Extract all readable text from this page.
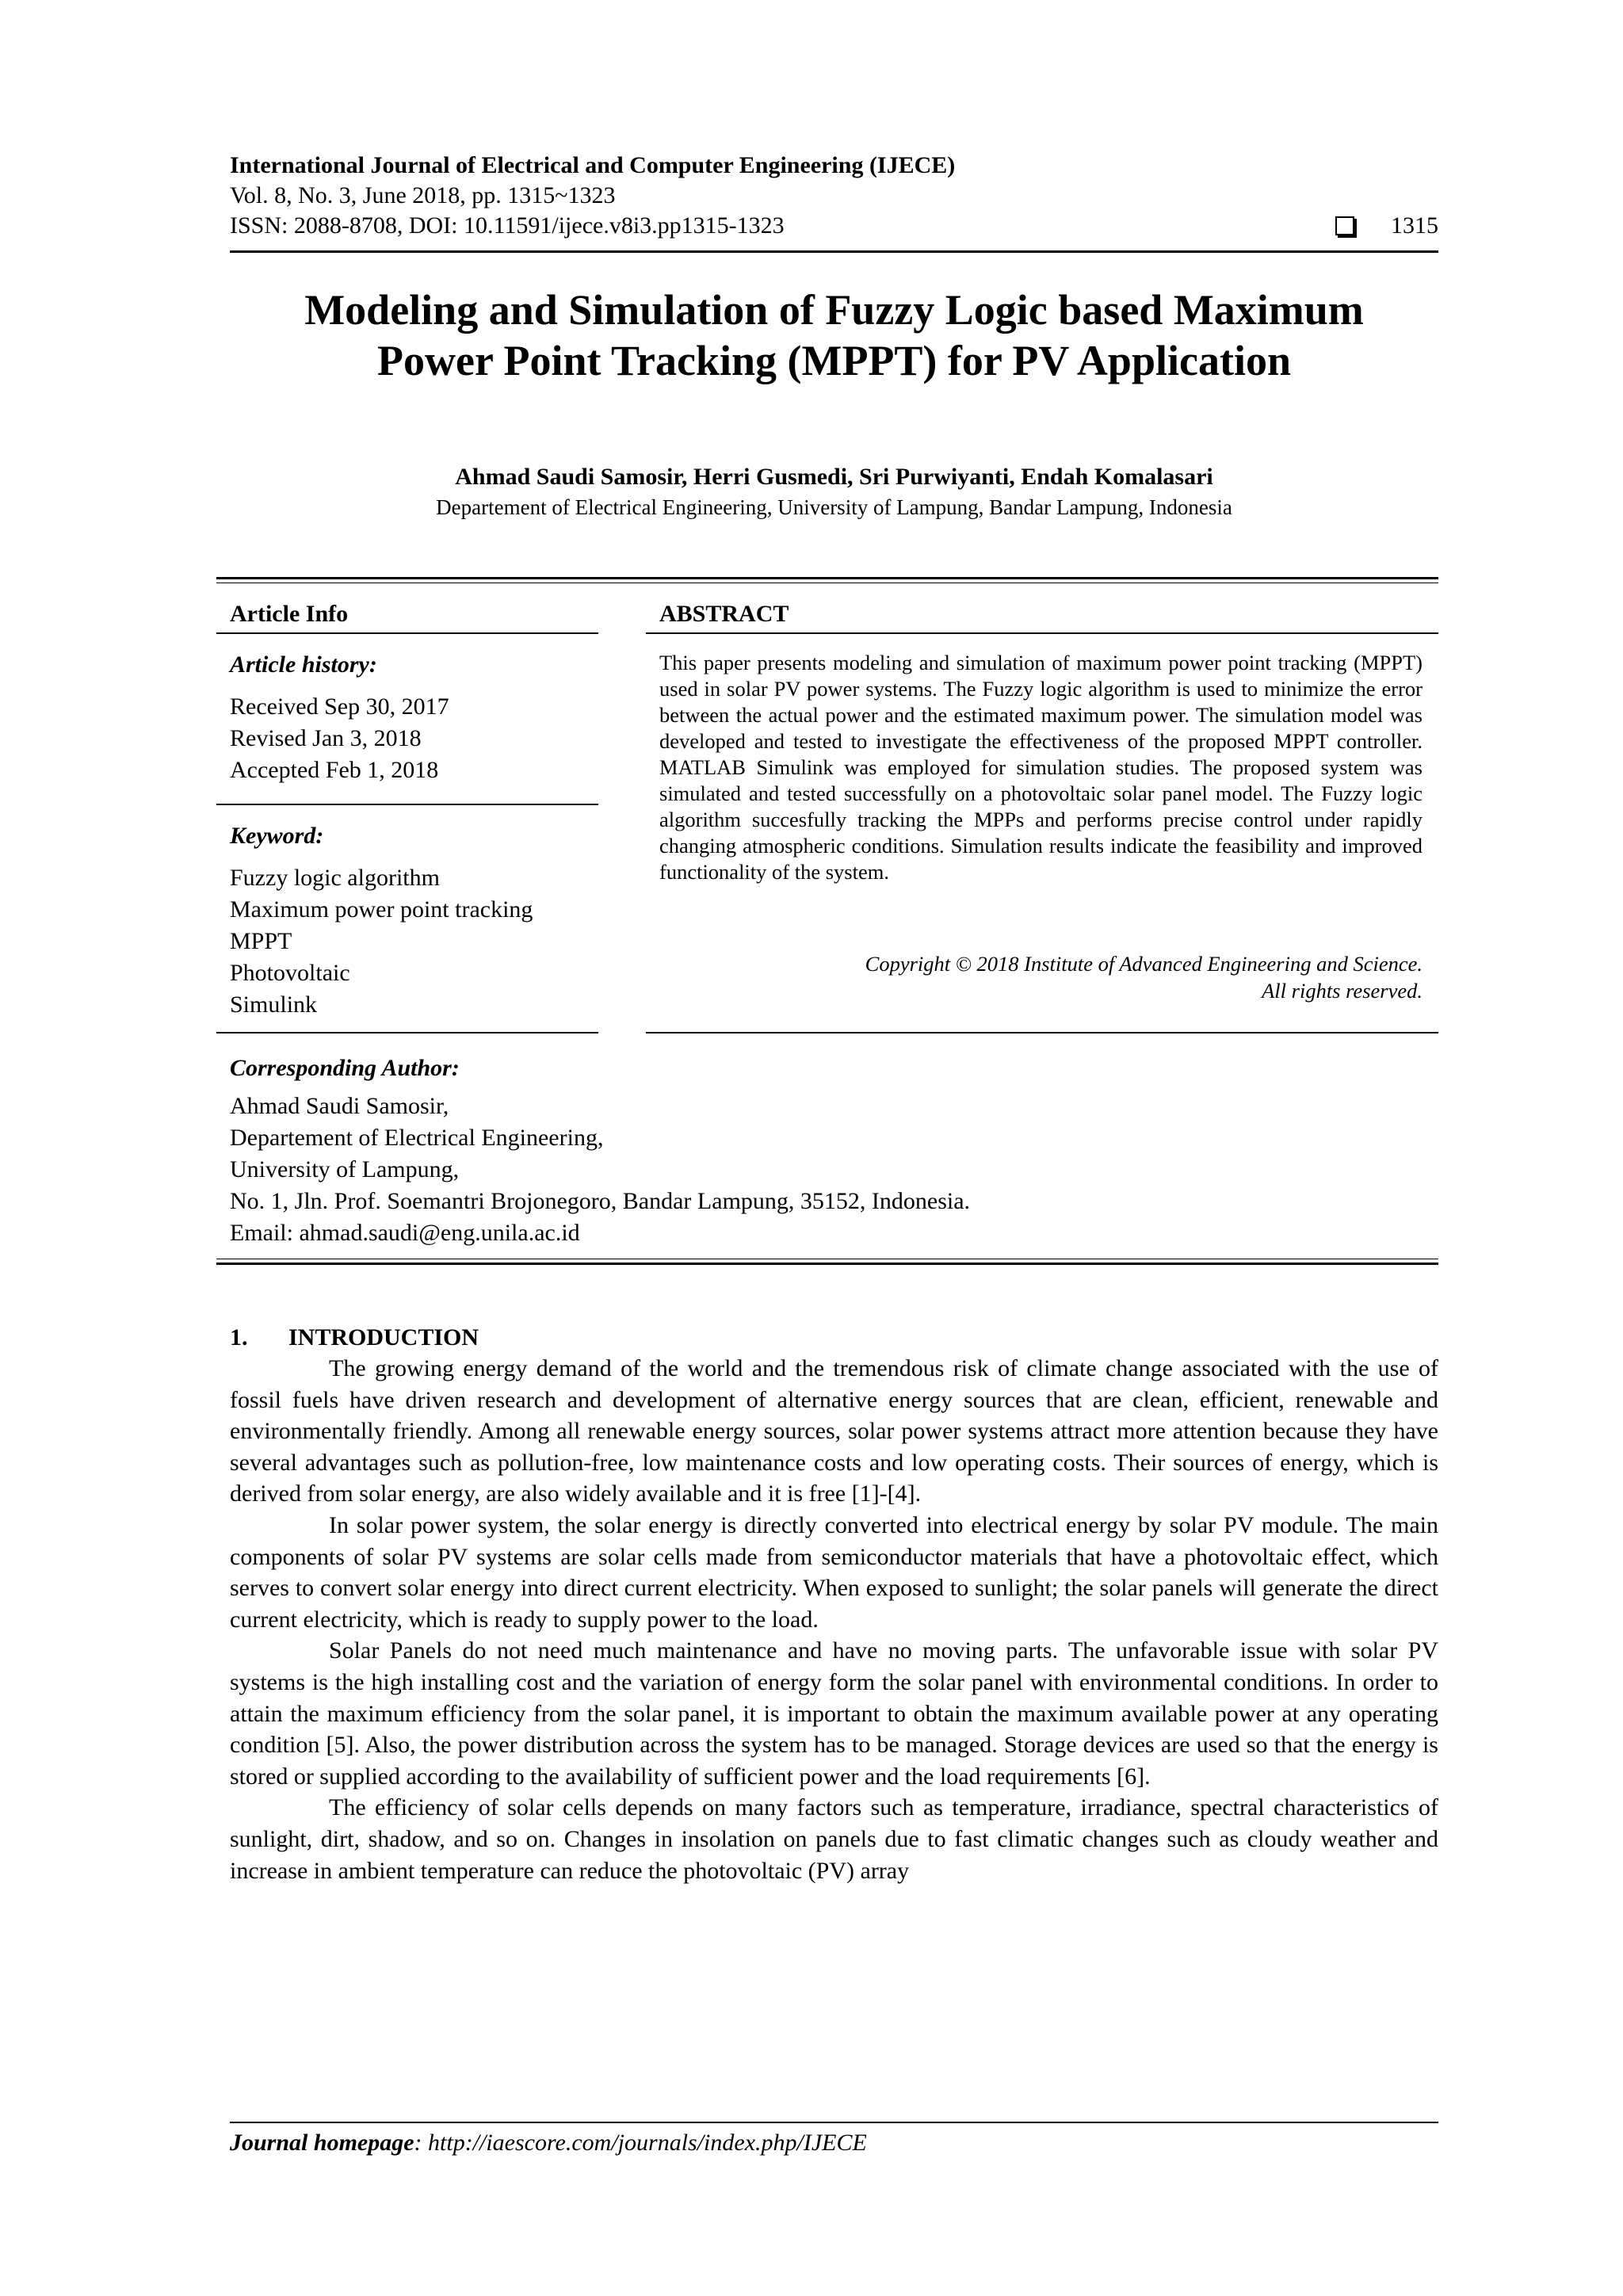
International Journal of Electrical and Computer Engineering (IJECE)
Vol. 8, No. 3, June 2018, pp. 1315~1323
ISSN: 2088-8708, DOI: 10.11591/ijece.v8i3.pp1315-1323	1315
Modeling and Simulation of Fuzzy Logic based Maximum
Power Point Tracking (MPPT) for PV Application
Ahmad Saudi Samosir, Herri Gusmedi, Sri Purwiyanti, Endah Komalasari
Departement of Electrical Engineering, University of Lampung, Bandar Lampung, Indonesia
Article Info
Article history:
Received Sep 30, 2017
Revised Jan 3, 2018
Accepted Feb 1, 2018
Keyword:
Fuzzy logic algorithm
Maximum power point tracking
MPPT
Photovoltaic
Simulink
ABSTRACT
This paper presents modeling and simulation of maximum power point tracking (MPPT) used in solar PV power systems. The Fuzzy logic algorithm is used to minimize the error between the actual power and the estimated maximum power. The simulation model was developed and tested to investigate the effectiveness of the proposed MPPT controller. MATLAB Simulink was employed for simulation studies. The proposed system was simulated and tested successfully on a photovoltaic solar panel model. The Fuzzy logic algorithm succesfully tracking the MPPs and performs precise control under rapidly changing atmospheric conditions. Simulation results indicate the feasibility and improved functionality of the system.
Copyright © 2018 Institute of Advanced Engineering and Science.
All rights reserved.
Corresponding Author:
Ahmad Saudi Samosir,
Departement of Electrical Engineering,
University of Lampung,
No. 1, Jln. Prof. Soemantri Brojonegoro, Bandar Lampung, 35152, Indonesia.
Email: ahmad.saudi@eng.unila.ac.id
1. INTRODUCTION

The growing energy demand of the world and the tremendous risk of climate change associated with the use of fossil fuels have driven research and development of alternative energy sources that are clean, efficient, renewable and environmentally friendly. Among all renewable energy sources, solar power systems attract more attention because they have several advantages such as pollution-free, low maintenance costs and low operating costs. Their sources of energy, which is derived from solar energy, are also widely available and it is free [1]-[4].

In solar power system, the solar energy is directly converted into electrical energy by solar PV module. The main components of solar PV systems are solar cells made from semiconductor materials that have a photovoltaic effect, which serves to convert solar energy into direct current electricity. When exposed to sunlight; the solar panels will generate the direct current electricity, which is ready to supply power to the load.

Solar Panels do not need much maintenance and have no moving parts. The unfavorable issue with solar PV systems is the high installing cost and the variation of energy form the solar panel with environmental conditions. In order to attain the maximum efficiency from the solar panel, it is important to obtain the maximum available power at any operating condition [5]. Also, the power distribution across the system has to be managed. Storage devices are used so that the energy is stored or supplied according to the availability of sufficient power and the load requirements [6].

The efficiency of solar cells depends on many factors such as temperature, irradiance, spectral characteristics of sunlight, dirt, shadow, and so on. Changes in insolation on panels due to fast climatic changes such as cloudy weather and increase in ambient temperature can reduce the photovoltaic (PV) array

Journal homepage: http://iaescore.com/journals/index.php/IJECE
